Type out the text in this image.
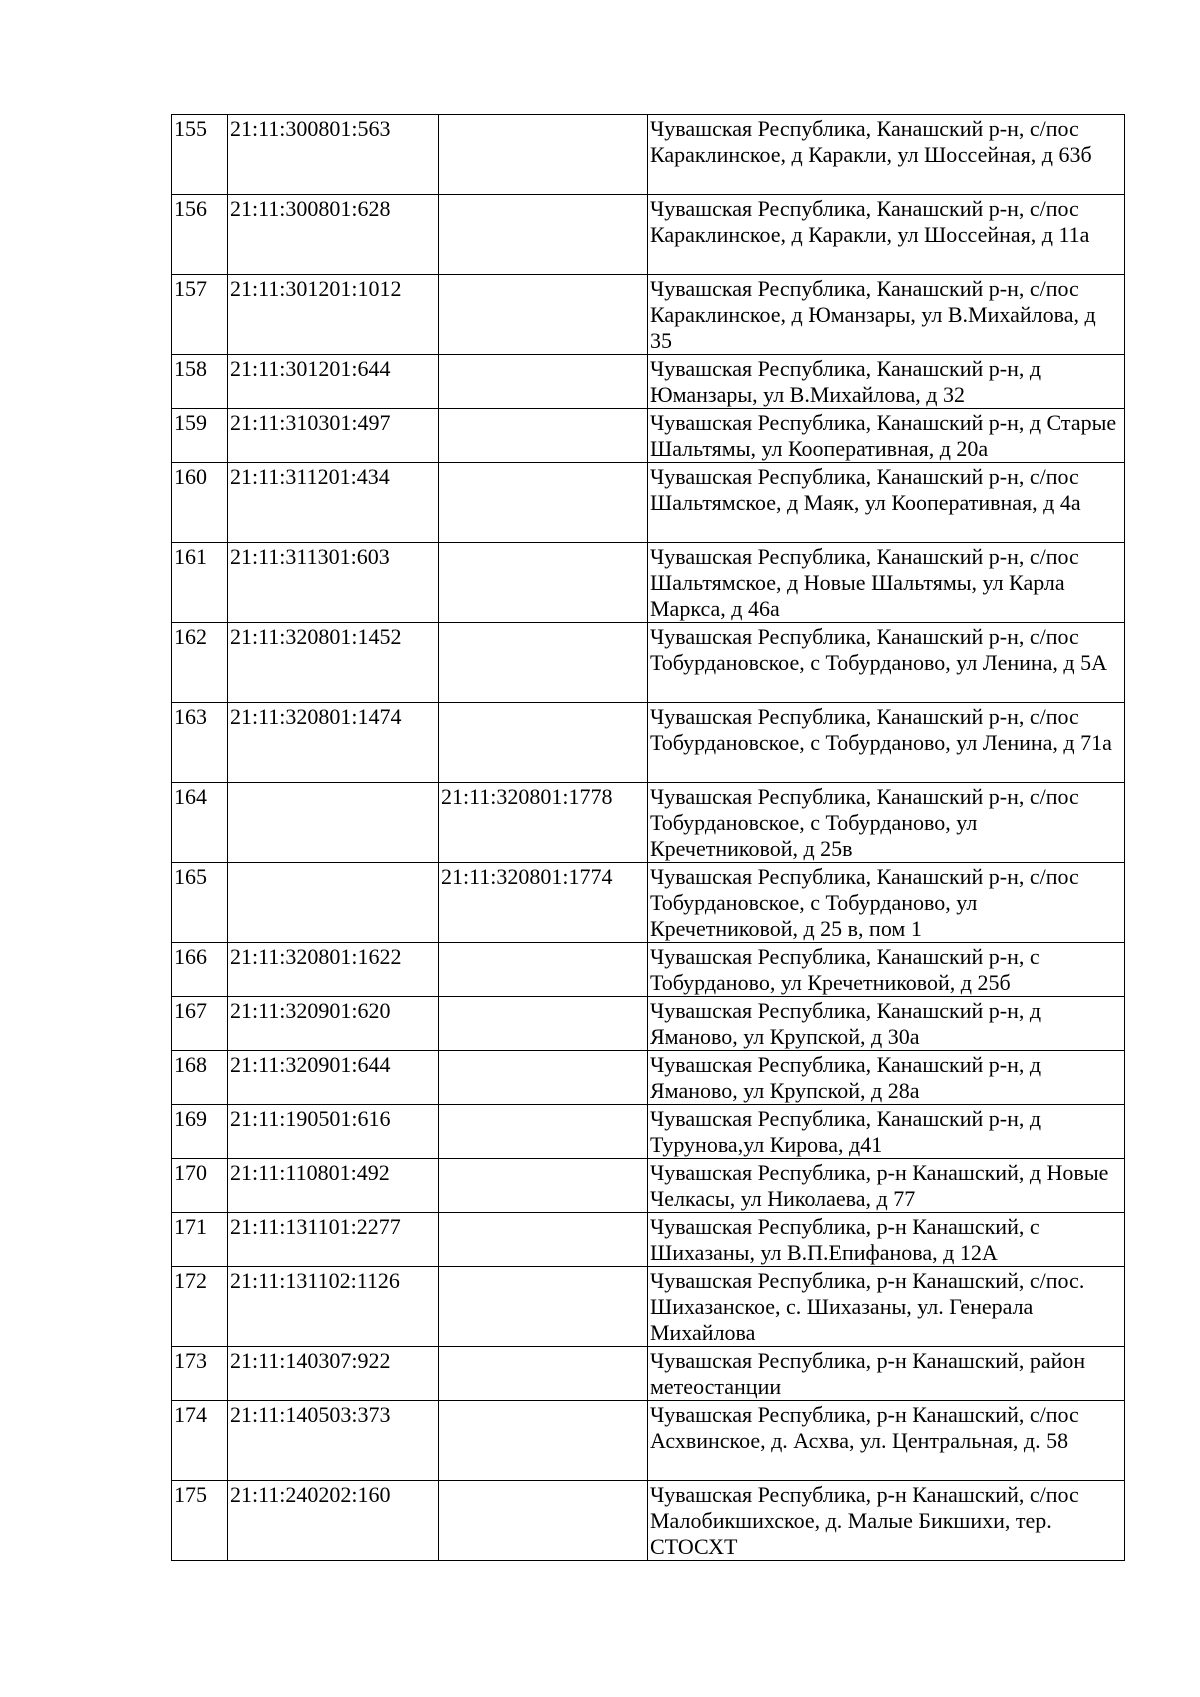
155	21:11:300801:563		Чувашская Республика, Канашский р-н, с/пос Караклинское, д Каракли, ул Шоссейная, д 63б
156	21:11:300801:628		Чувашская Республика, Канашский р-н, с/пос Караклинское, д Каракли, ул Шоссейная, д 11а
157	21:11:301201:1012		Чувашская Республика, Канашский р-н, с/пос Караклинское, д Юманзары, ул В.Михайлова, д 35
158	21:11:301201:644		Чувашская Республика, Канашский р-н, д Юманзары, ул В.Михайлова, д 32
159	21:11:310301:497		Чувашская Республика, Канашский р-н, д Старые Шальтямы, ул Кооперативная, д 20а
160	21:11:311201:434		Чувашская Республика, Канашский р-н, с/пос Шальтямское, д Маяк, ул Кооперативная, д 4а
161	21:11:311301:603		Чувашская Республика, Канашский р-н, с/пос Шальтямское, д Новые Шальтямы, ул Карла Маркса, д 46а
162	21:11:320801:1452		Чувашская Республика, Канашский р-н, с/пос Тобурдановское, с Тобурданово, ул Ленина, д 5А
163	21:11:320801:1474		Чувашская Республика, Канашский р-н, с/пос Тобурдановское, с Тобурданово, ул Ленина, д 71а
164		21:11:320801:1778	Чувашская Республика, Канашский р-н, с/пос Тобурдановское, с Тобурданово, ул Кречетниковой, д 25в
165		21:11:320801:1774	Чувашская Республика, Канашский р-н, с/пос Тобурдановское, с Тобурданово, ул Кречетниковой, д 25 в, пом 1
166	21:11:320801:1622		Чувашская Республика, Канашский р-н, с Тобурданово, ул Кречетниковой, д 25б
167	21:11:320901:620		Чувашская Республика, Канашский р-н, д Яманово, ул Крупской, д 30а
168	21:11:320901:644		Чувашская Республика, Канашский р-н, д Яманово, ул Крупской, д 28а
169	21:11:190501:616		Чувашская Республика, Канашский р-н, д Турунова,ул Кирова, д41
170	21:11:110801:492		Чувашская Республика, р-н Канашский, д Новые Челкасы, ул Николаева, д 77
171	21:11:131101:2277		Чувашская Республика, р-н Канашский, с Шихазаны, ул В.П.Епифанова, д 12А
172	21:11:131102:1126		Чувашская Республика, р-н Канашский, с/пос. Шихазанское, с. Шихазаны, ул. Генерала Михайлова
173	21:11:140307:922		Чувашская Республика, р-н Канашский, район метеостанции
174	21:11:140503:373		Чувашская Республика, р-н Канашский, с/пос Асхвинское, д. Асхва, ул. Центральная, д. 58
175	21:11:240202:160		Чувашская Республика, р-н Канашский, с/пос Малобикшихское, д. Малые Бикшихи, тер. СТОСХТ
